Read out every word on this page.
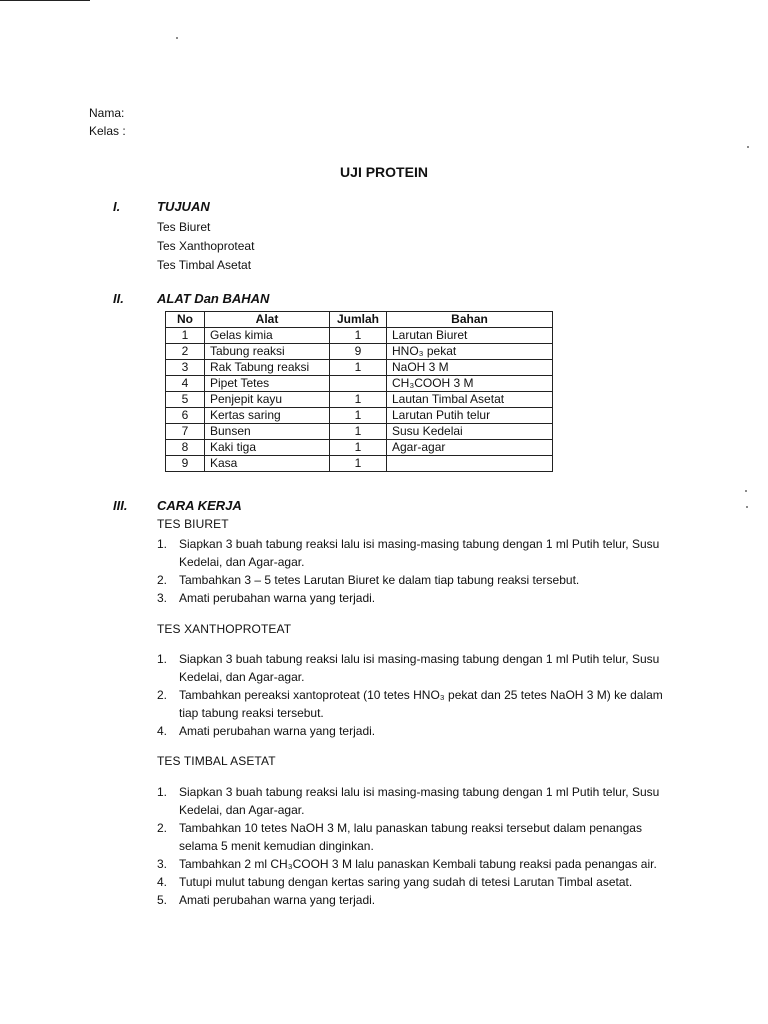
Nama:
Kelas :
UJI PROTEIN
I.	TUJUAN
Tes Biuret
Tes Xanthoproteat
Tes Timbal Asetat
II.	ALAT Dan BAHAN
No	Alat	Jumlah	Bahan
1	Gelas kimia	1	Larutan Biuret
2	Tabung reaksi	9	HNO₃ pekat
3	Rak Tabung reaksi	1	NaOH 3 M
4	Pipet Tetes		CH₃COOH 3 M
5	Penjepit kayu	1	Lautan Timbal Asetat
6	Kertas saring	1	Larutan Putih telur
7	Bunsen	1	Susu Kedelai
8	Kaki tiga	1	Agar-agar
9	Kasa	1	
III. CARA KERJA
TES BIURET
1. Siapkan 3 buah tabung reaksi lalu isi masing-masing tabung dengan 1 ml Putih telur, Susu Kedelai, dan Agar-agar.
2. Tambahkan 3 – 5 tetes Larutan Biuret ke dalam tiap tabung reaksi tersebut.
3. Amati perubahan warna yang terjadi.
TES XANTHOPROTEAT
1. Siapkan 3 buah tabung reaksi lalu isi masing-masing tabung dengan 1 ml Putih telur, Susu Kedelai, dan Agar-agar.
2. Tambahkan pereaksi xantoproteat (10 tetes HNO₃ pekat dan 25 tetes NaOH 3 M) ke dalam tiap tabung reaksi tersebut.
4. Amati perubahan warna yang terjadi.
TES TIMBAL ASETAT
1. Siapkan 3 buah tabung reaksi lalu isi masing-masing tabung dengan 1 ml Putih telur, Susu Kedelai, dan Agar-agar.
2. Tambahkan 10 tetes NaOH 3 M, lalu panaskan tabung reaksi tersebut dalam penangas selama 5 menit kemudian dinginkan.
3. Tambahkan 2 ml CH₃COOH 3 M lalu panaskan Kembali tabung reaksi pada penangas air.
4. Tutupi mulut tabung dengan kertas saring yang sudah di tetesi Larutan Timbal asetat.
5. Amati perubahan warna yang terjadi.
